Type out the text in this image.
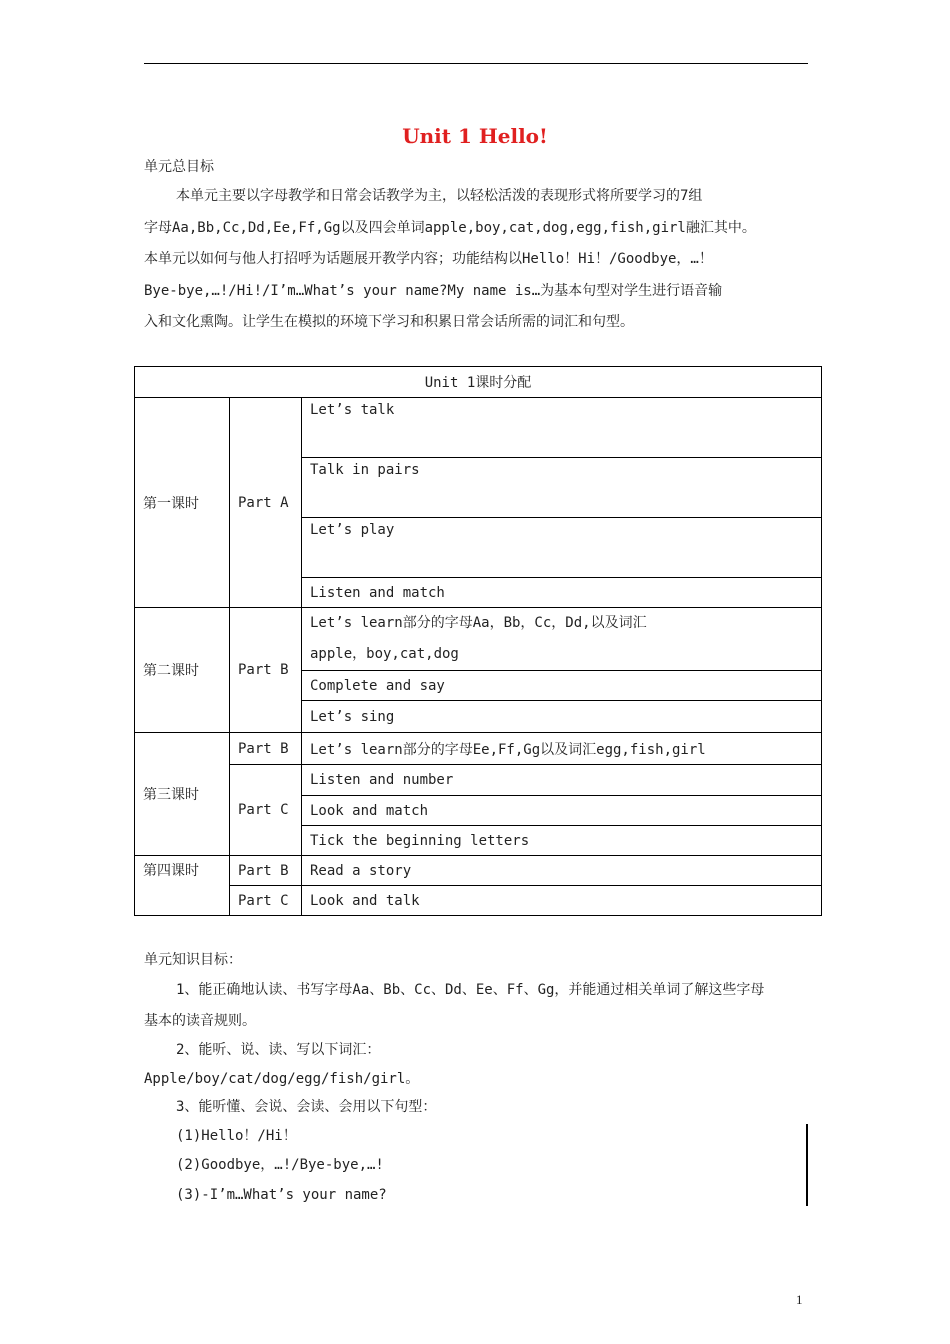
Unit 1 Hello!
单元总目标
本单元主要以字母教学和日常会话教学为主，以轻松活泼的表现形式将所要学习的7组
字母Aa,Bb,Cc,Dd,Ee,Ff,Gg以及四会单词apple,boy,cat,dog,egg,fish,girl融汇其中。
本单元以如何与他人打招呼为话题展开教学内容；功能结构以Hello！Hi！/Goodbye，…！
Bye-bye,…!/Hi!/I’m…What’s your name?My name is…为基本句型对学生进行语音输
入和文化熏陶。让学生在模拟的环境下学习和积累日常会话所需的词汇和句型。
Unit 1课时分配		
第一课时	Part A	Let’s talk
		Talk in pairs
		Let’s play
		Listen and match
第二课时	Part B	Let’s learn部分的字母Aa，Bb，Cc，Dd,以及词汇
apple，boy,cat,dog

		Complete and say
		Let’s sing
第三课时	Part B	Let’s learn部分的字母Ee,Ff,Gg以及词汇egg,fish,girl
	Part C	Listen and number
		Look and match
		Tick the beginning letters
第四课时	Part B	Read a story
	Part C	Look and talk
单元知识目标：
1、能正确地认读、书写字母Aa、Bb、Cc、Dd、Ee、Ff、Gg，并能通过相关单词了解这些字母
基本的读音规则。
2、能听、说、读、写以下词汇：
Apple/boy/cat/dog/egg/fish/girl。
3、能听懂、会说、会读、会用以下句型：
(1)Hello！/Hi！
(2)Goodbye，…!/Bye-bye,…!
(3)-I’m…What’s your name?
1
